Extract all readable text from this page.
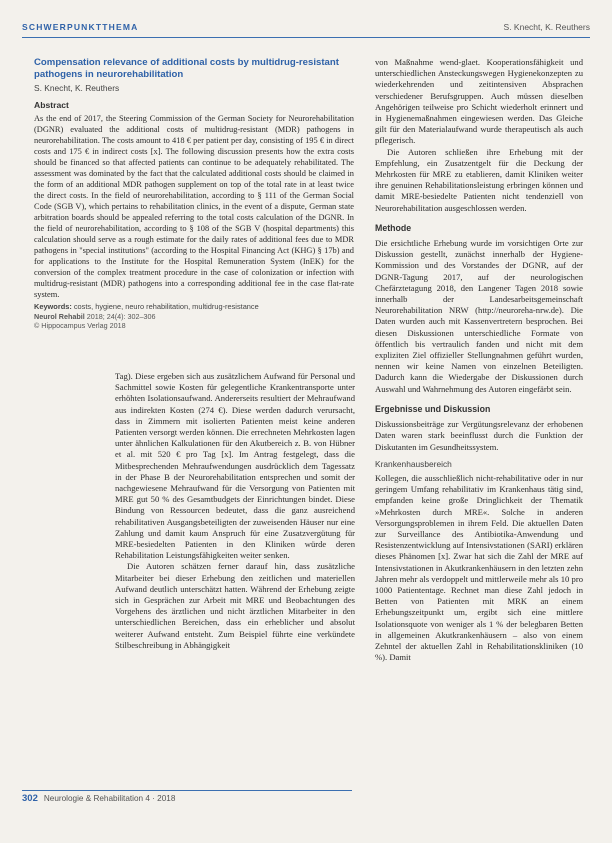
SCHWERPUNKTTHEMA	S. Knecht, K. Reuthers
Compensation relevance of additional costs by multidrug-resistant pathogens in neurorehabilitation
S. Knecht, K. Reuthers
Abstract

As the end of 2017, the Steering Commission of the German Society for Neurorehabilitation (DGNR) evaluated the additional costs of multidrug-resistant (MDR) pathogens in neurorehabilitation. The costs amount to 418 € per patient per day, consisting of 195 € in direct costs and 175 € in indirect costs [x]. The following discussion presents how the extra costs should be financed so that affected patients can continue to be adequately rehabilitated. The assessment was dominated by the fact that the calculated additional costs should be claimed in the form of an additional MDR pathogen supplement on top of the total rate in at least twice the direct costs. In the field of neurorehabilitation, according to § 111 of the German Social Code (SGB V), which pertains to rehabilitation clinics, in the event of a dispute, German state arbitration boards should be appealed referring to the total costs calculation of the DGNR. In the field of neurorehabilitation, according to § 108 of the SGB V (hospital departments) this calculation should serve as a rough estimate for the daily rates of additional fees due to MDR pathogens in "special institutions" (according to the Hospital Financing Act (KHG) § 17b) and for applications to the Institute for the Hospital Remuneration System (InEK) for the conversion of the complex treatment procedure in the case of colonization or infection with multidrug-resistant (MDR) pathogens into a corresponding additional fee in the case flat-rate system.

Keywords: costs, hygiene, neuro rehabilitation, multidrug-resistance
Neurol Rehabil 2018; 24(4): 302–306
© Hippocampus Verlag 2018

Tag). Diese ergeben sich aus zusätzlichem Aufwand für Personal und Sachmittel sowie Kosten für gelegentliche Krankentransporte unter erhöhten Isolationsaufwand. Andererseits resultiert der Mehraufwand aus indirekten Kosten (274 €). Diese werden dadurch verursacht, dass in Zimmern mit isolierten Patienten meist keine anderen Patienten versorgt werden können. Die errechneten Mehrkosten lagen unter ähnlichen Kalkulationen für den Akutbereich z. B. von Hübner et al. mit 520 € pro Tag [x]. Im Antrag festgelegt, dass die Mitbesprechenden Mehraufwendungen ausdrücklich dem Tagessatz in der Phase B der Neurorehabilitation entsprechen und somit der nachgewiesene Mehraufwand für die Versorgung von Patienten mit MRE gut 50 % des Gesamtbudgets der Einrichtungen bindet. Diese Bindung von Ressourcen bedeutet, dass die ganz ausreichend rehabilitativen Ausgangsbeteiligten der zuweisenden Häuser nur eine Zahlung und damit kaum Anspruch für eine Zusatzvergütung für MRE-besiedelten Patienten in den Kliniken würde deren Rehabilitation Leistungsfähigkeiten weiter senken.

Die Autoren schätzen ferner darauf hin, dass zusätzliche Mitarbeiter bei dieser Erhebung den zeitlichen und materiellen Aufwand deutlich unterschätzt hatten. Während der Erhebung zeigte sich in Gesprächen zur Arbeit mit MRE und Beobachtungen des Vorgehens des ärztlichen und nicht ärztlichen Mitarbeiter in den unterschiedlichen Bereichen, dass ein erheblicher und absolut weiterer Aufwand entsteht. Zum Beispiel führte eine verkündete Stilbeschreibung in Abhängigkeit

von Maßnahme wend-glaet. Kooperationsfähigkeit und unterschiedlichen Ansteckungswegen Hygienekonzepten zu wiederkehrenden und zeitintensiven Absprachen verschiedener Berufsgruppen. Auch müssen dieselben Angehörigen teilweise pro Schicht wiederholt erinnert und in Hygienemaßnahmen eingewiesen werden. Das Gleiche gilt für den Materialaufwand wurde therapeutisch als auch pflegerisch.

Die Autoren schließen ihre Erhebung mit der Empfehlung, ein Zusatzentgelt für die Deckung der Mehrkosten für MRE zu etablieren, damit Kliniken weiter ihre genuinen Rehabilitationsleistung erbringen können und damit MRE-besiedelte Patienten nicht tendenziell von Neurorehabilitation ausgeschlossen werden.

Methode

Die ersichtliche Erhebung wurde im vorsichtigen Orte zur Diskussion gestellt, zunächst innerhalb der Hygiene-Kommission und des Vorstandes der DGNR, auf der DGNR-Tagung 2017, auf der neurologischen Chefärztetagung 2018, den Langener Tagen 2018 sowie innerhalb der Landesarbeitsgemeinschaft Neurorehabilitation NRW (http://neuroreha-nrw.de). Die Daten wurden auch mit Kassenvertretern besprochen. Bei diesen Diskussionen unterschiedliche Formate von öffentlich bis vertraulich fanden und nicht mit dem expliziten Ziel offizieller Stellungnahmen geführt wurden, nennen wir keine Namen von einzelnen Beteiligten. Dadurch kann die Wiedergabe der Diskussionen durch Auswahl und Wahrnehmung des Autoren eingefärbt sein.

Ergebnisse und Diskussion

Diskussionsbeiträge zur Vergütungsrelevanz der erhobenen Daten waren stark beeinflusst durch die Funktion der Diskutanten im Gesundheitssystem.

Krankenhausbereich

Kollegen, die ausschließlich nicht-rehabilitative oder in nur geringem Umfang rehabilitativ im Krankenhaus tätig sind, empfanden keine große Dringlichkeit der Thematik »Mehrkosten durch MRE«. Solche in anderen Versorgungsproblemen in ihrem Feld. Die aktuellen Daten zur Surveillance des Antibiotika-Anwendung und Resistenzentwicklung auf Intensivstationen (SARI) erklären dieses Phänomen [x]. Zwar hat sich die Zahl der MRE auf Intensivstationen in Akutkrankenhäusern in den letzten zehn Jahren mehr als verdoppelt und mittlerweile mehr als 10 pro 1000 Patiententage. Rechnet man diese Zahl jedoch in Betten von Patienten mit MRK an einem Erhebungszeitpunkt um, ergibt sich eine mittlere Isolationsquote von weniger als 1 % der belegbaren Betten in allgemeinen Akutkrankenhäusern – also von einem Zehntel der aktuellen Zahl in Rehabilitationskliniken (10 %). Damit

302 Neurologie & Rehabilitation 4 · 2018
